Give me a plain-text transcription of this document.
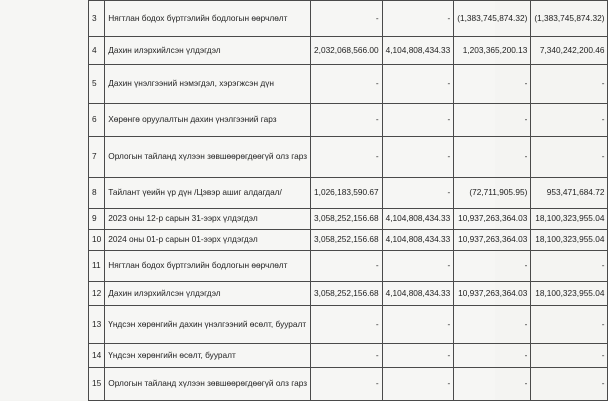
3	Нягтлан бодох бүртгэлийн бодлогын өөрчлөлт	-	-	(1,383,745,874.32)	(1,383,745,874.32)

4	Дахин илэрхийлсэн үлдэгдэл	2,032,068,566.00	4,104,808,434.33	1,203,365,200.13	7,340,242,200.46

5	Дахин үнэлгээний нэмэгдэл, хэрэгжсэн дүн	-	-	-	-

6	Хөрөнгө оруулалтын дахин үнэлгээний гарз	-	-	-	-

7	Орлогын тайланд хүлээн зөвшөөрөгдөөгүй олз гарз	-	-	-	-

8	Тайлант үеийн үр дүн /Цэвэр ашиг алдагдал/	1,026,183,590.67	-	(72,711,905.95)	953,471,684.72

9	2023 оны 12-р сарын 31-ээрх үлдэгдэл	3,058,252,156.68	4,104,808,434.33	10,937,263,364.03	18,100,323,955.04

10	2024 оны 01-р сарын 01-ээрх үлдэгдэл	3,058,252,156.68	4,104,808,434.33	10,937,263,364.03	18,100,323,955.04

11	Нягтлан бодох бүртгэлийн бодлогын өөрчлөлт	-	-	-	-

12	Дахин илэрхийлсэн үлдэгдэл	3,058,252,156.68	4,104,808,434.33	10,937,263,364.03	18,100,323,955.04

13	Үндсэн хөрөнгийн дахин үнэлгээний өсөлт, бууралт	-	-	-	-

14	Үндсэн хөрөнгийн өсөлт, бууралт	-	-	-	-

15	Орлогын тайланд хүлээн зөвшөөрөгдөөгүй олз гарз	-	-	-	-
